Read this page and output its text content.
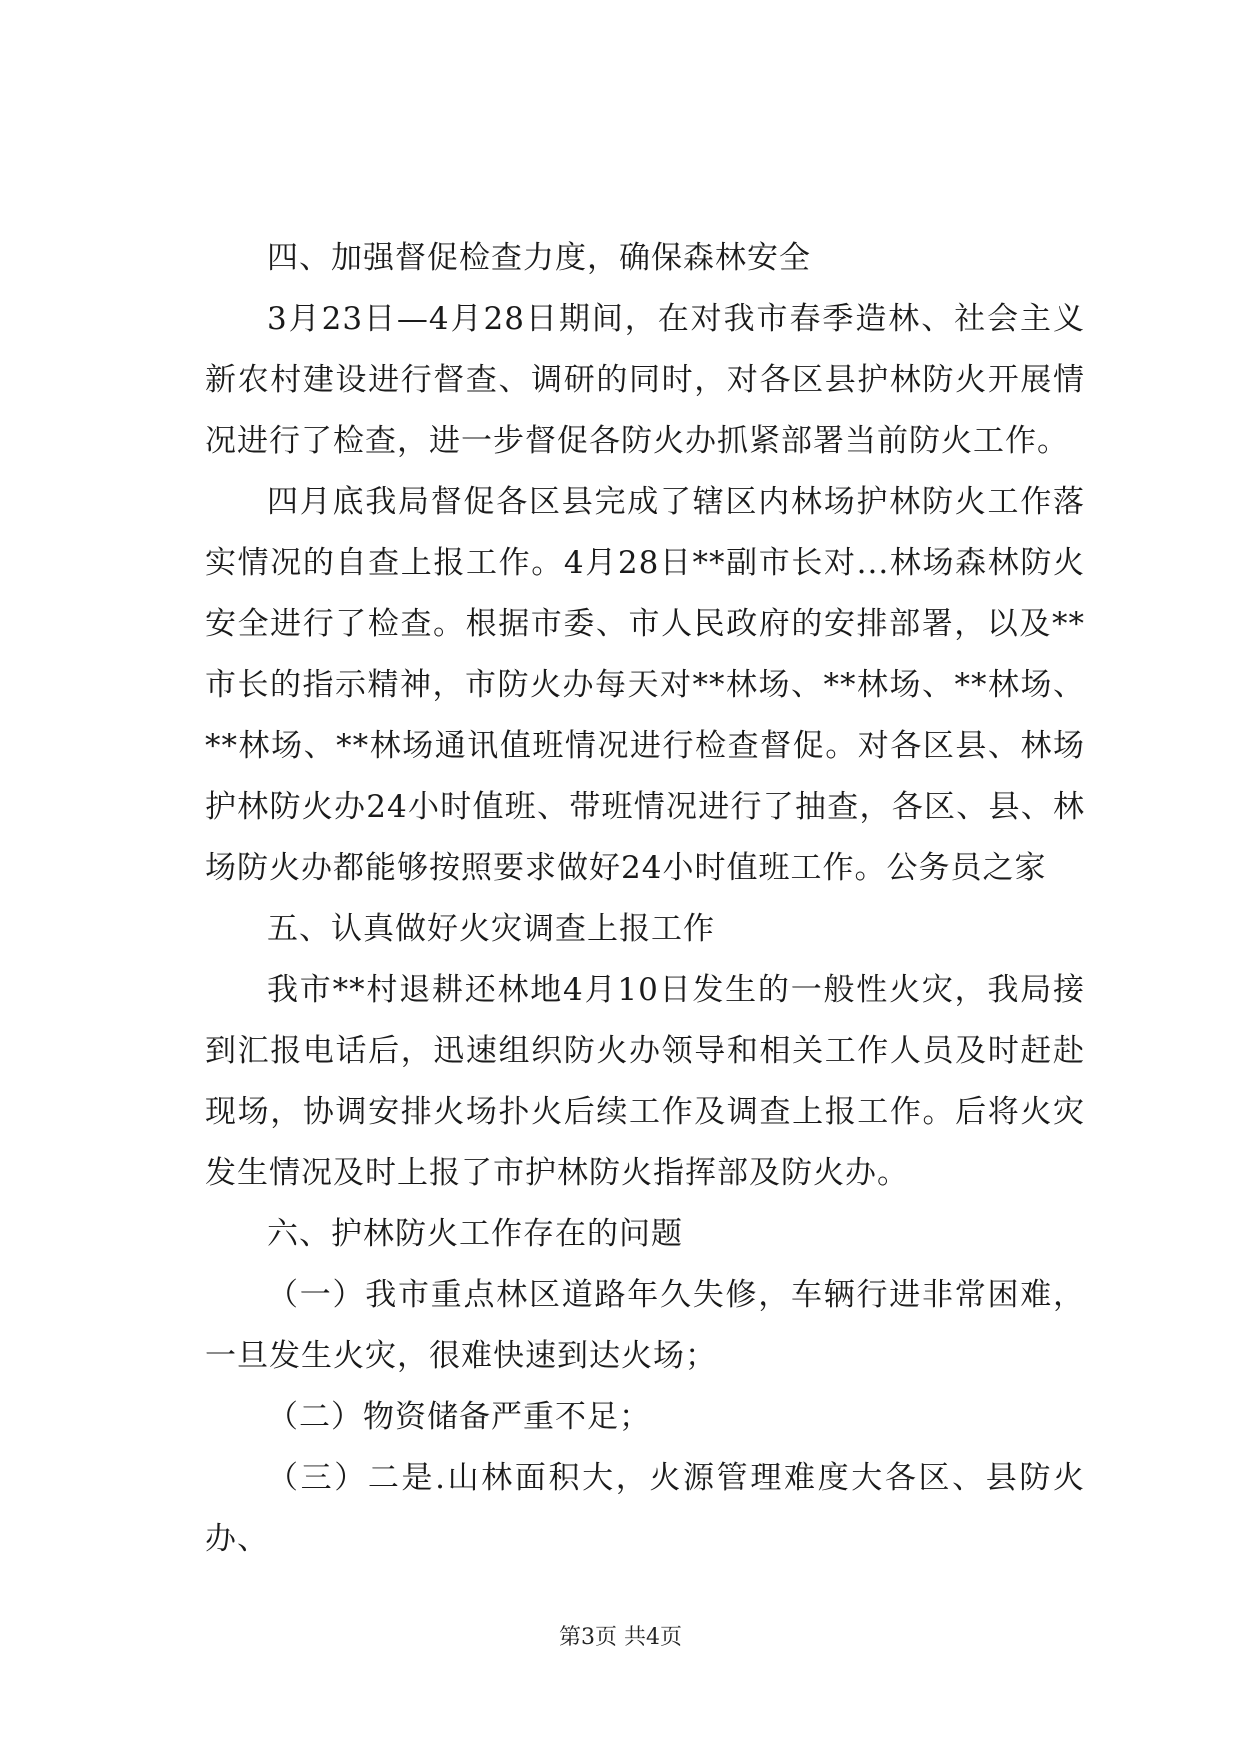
四、加强督促检查力度，确保森林安全

3月23日—4月28日期间，在对我市春季造林、社会主义新农村建设进行督查、调研的同时，对各区县护林防火开展情况进行了检查，进一步督促各防火办抓紧部署当前防火工作。

四月底我局督促各区县完成了辖区内林场护林防火工作落实情况的自查上报工作。4月28日**副市长对...林场森林防火安全进行了检查。根据市委、市人民政府的安排部署，以及**市长的指示精神，市防火办每天对**林场、**林场、**林场、**林场、**林场通讯值班情况进行检查督促。对各区县、林场护林防火办24小时值班、带班情况进行了抽查，各区、县、林场防火办都能够按照要求做好24小时值班工作。公务员之家

五、认真做好火灾调查上报工作

我市**村退耕还林地4月10日发生的一般性火灾，我局接到汇报电话后，迅速组织防火办领导和相关工作人员及时赶赴现场，协调安排火场扑火后续工作及调查上报工作。后将火灾发生情况及时上报了市护林防火指挥部及防火办。

六、护林防火工作存在的问题

（一）我市重点林区道路年久失修，车辆行进非常困难，一旦发生火灾，很难快速到达火场；

（二）物资储备严重不足；

（三）二是.山林面积大，火源管理难度大各区、县防火办、

第3页 共4页
